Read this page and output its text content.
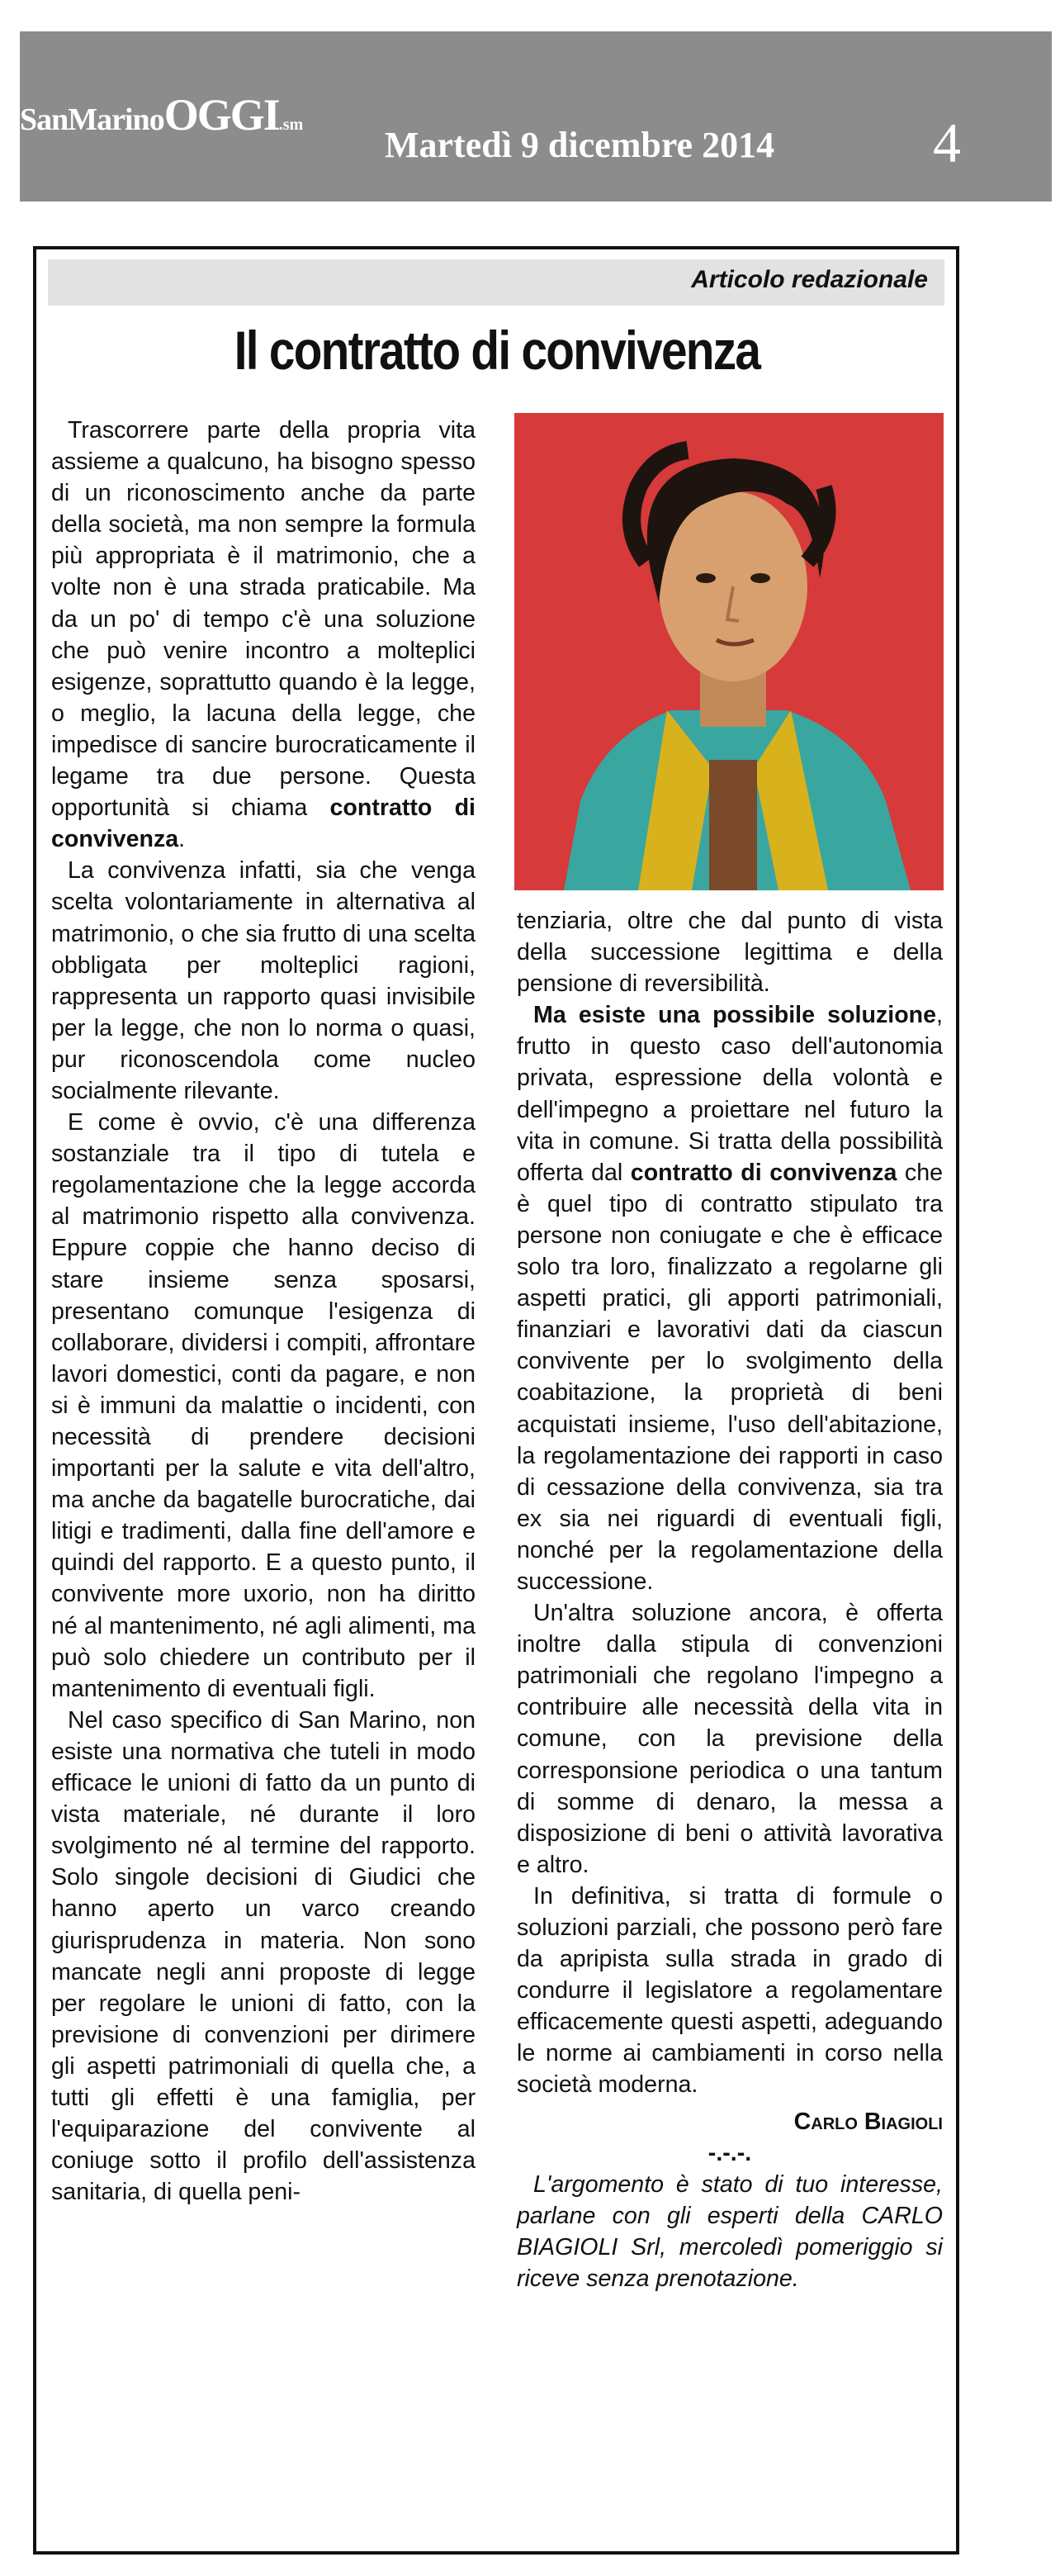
SanMarinoOGGI.sm Martedì 9 dicembre 2014	4
Articolo redazionale
Il contratto di convivenza

Trascorrere parte della propria vita assieme a qualcuno, ha bisogno spesso di un riconoscimento anche da parte della società, ma non sempre la formula più appropriata è il matrimonio, che a volte non è una strada praticabile. Ma da un po' di tempo c'è una soluzione che può venire incontro a molteplici esigenze, soprattutto quando è la legge, o meglio, la lacuna della legge, che impedisce di sancire burocraticamente il legame tra due persone. Questa opportunità si chiama contratto di convivenza.

La convivenza infatti, sia che venga scelta volontariamente in alternativa al matrimonio, o che sia frutto di una scelta obbligata per molteplici ragioni, rappresenta un rapporto quasi invisibile per la legge, che non lo norma o quasi, pur riconoscendola come nucleo socialmente rilevante.

E come è ovvio, c'è una differenza sostanziale tra il tipo di tutela e regolamentazione che la legge accorda al matrimonio rispetto alla convivenza. Eppure coppie che hanno deciso di stare insieme senza sposarsi, presentano comunque l'esigenza di collaborare, dividersi i compiti, affrontare lavori domestici, conti da pagare, e non si è immuni da malattie o incidenti, con necessità di prendere decisioni importanti per la salute e vita dell'altro, ma anche da bagatelle burocratiche, dai litigi e tradimenti, dalla fine dell'amore e quindi del rapporto. E a questo punto, il convivente more uxorio, non ha diritto né al mantenimento, né agli alimenti, ma può solo chiedere un contributo per il mantenimento di eventuali figli.

Nel caso specifico di San Marino, non esiste una normativa che tuteli in modo efficace le unioni di fatto da un punto di vista materiale, né durante il loro svolgimento né al termine del rapporto. Solo singole decisioni di Giudici che hanno aperto un varco creando giurisprudenza in materia. Non sono mancate negli anni proposte di legge per regolare le unioni di fatto, con la previsione di convenzioni per dirimere gli aspetti patrimoniali di quella che, a tutti gli effetti è una famiglia, per l'equiparazione del convivente al coniuge sotto il profilo dell'assistenza sanitaria, di quella peni-

tenziaria, oltre che dal punto di vista della successione legittima e della pensione di reversibilità.

Ma esiste una possibile soluzione, frutto in questo caso dell'autonomia privata, espressione della volontà e dell'impegno a proiettare nel futuro la vita in comune. Si tratta della possibilità offerta dal contratto di convivenza che è quel tipo di contratto stipulato tra persone non coniugate e che è efficace solo tra loro, finalizzato a regolarne gli aspetti pratici, gli apporti patrimoniali, finanziari e lavorativi dati da ciascun convivente per lo svolgimento della coabitazione, la proprietà di beni acquistati insieme, l'uso dell'abitazione, la regolamentazione dei rapporti in caso di cessazione della convivenza, sia tra ex sia nei riguardi di eventuali figli, nonché per la regolamentazione della successione.

Un'altra soluzione ancora, è offerta inoltre dalla stipula di convenzioni patrimoniali che regolano l'impegno a contribuire alle necessità della vita in comune, con la previsione della corresponsione periodica o una tantum di somme di denaro, la messa a disposizione di beni o attività lavorativa e altro.

In definitiva, si tratta di formule o soluzioni parziali, che possono però fare da apripista sulla strada in grado di condurre il legislatore a regolamentare efficacemente questi aspetti, adeguando le norme ai cambiamenti in corso nella società moderna.

Carlo Biagioli
-.-.-.

L'argomento è stato di tuo interesse, parlane con gli esperti della CARLO BIAGIOLI Srl, mercoledì pomeriggio si riceve senza prenotazione.
